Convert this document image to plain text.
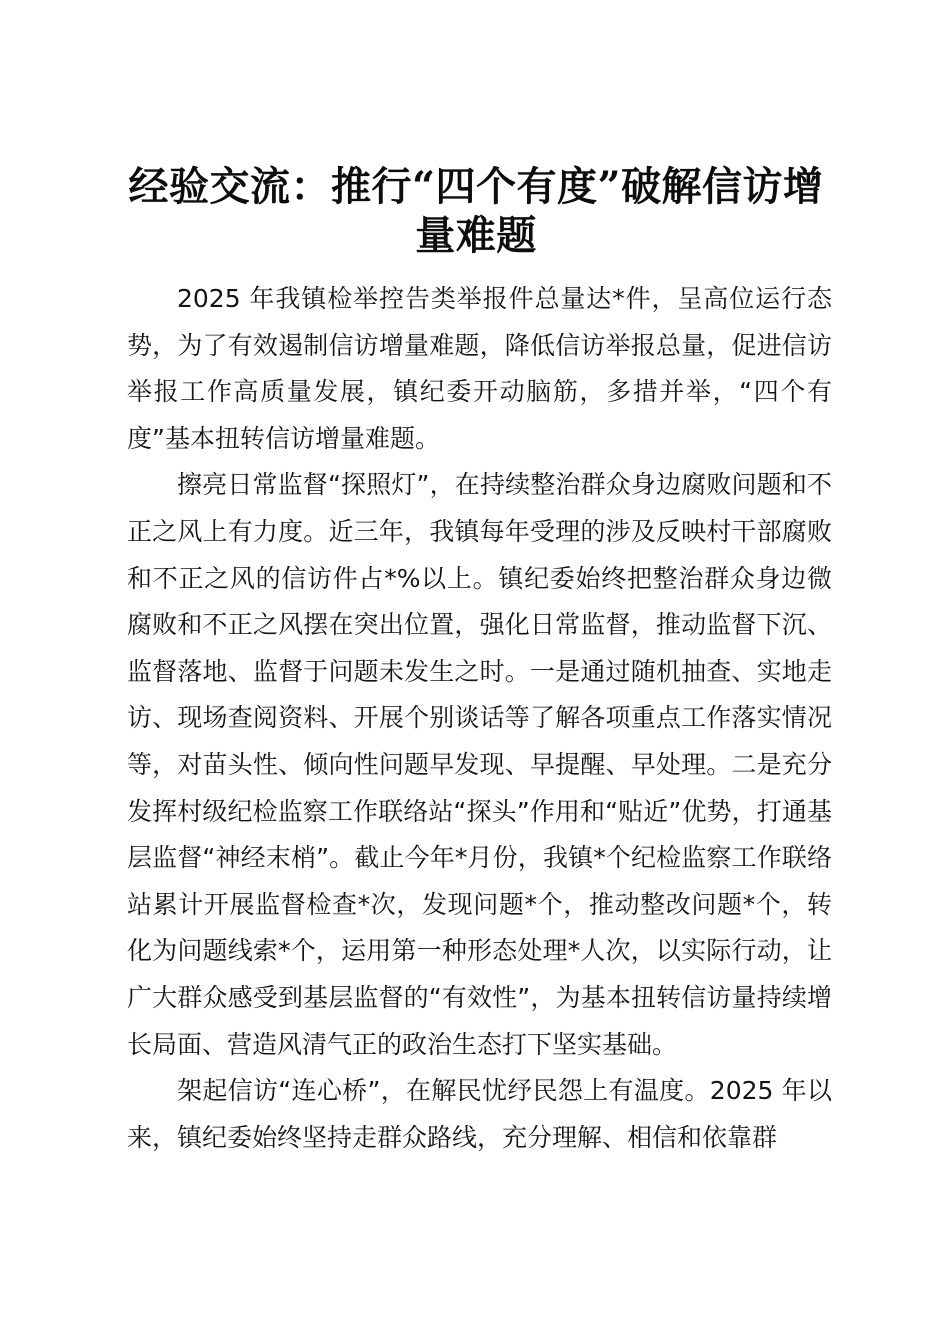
经验交流：推行“四个有度”破解信访增量难题

2025 年我镇检举控告类举报件总量达*件，呈高位运行态势，为了有效遏制信访增量难题，降低信访举报总量，促进信访举报工作高质量发展，镇纪委开动脑筋，多措并举，“四个有度”基本扭转信访增量难题。

擦亮日常监督“探照灯”，在持续整治群众身边腐败问题和不正之风上有力度。近三年，我镇每年受理的涉及反映村干部腐败和不正之风的信访件占*%以上。镇纪委始终把整治群众身边微腐败和不正之风摆在突出位置，强化日常监督，推动监督下沉、监督落地、监督于问题未发生之时。一是通过随机抽查、实地走访、现场查阅资料、开展个别谈话等了解各项重点工作落实情况等，对苗头性、倾向性问题早发现、早提醒、早处理。二是充分发挥村级纪检监察工作联络站“探头”作用和“贴近”优势，打通基层监督“神经末梢”。截止今年*月份，我镇*个纪检监察工作联络站累计开展监督检查*次，发现问题*个，推动整改问题*个，转化为问题线索*个，运用第一种形态处理*人次，以实际行动，让广大群众感受到基层监督的“有效性”，为基本扭转信访量持续增长局面、营造风清气正的政治生态打下坚实基础。

架起信访“连心桥”，在解民忧纾民怨上有温度。2025 年以来，镇纪委始终坚持走群众路线，充分理解、相信和依靠群
